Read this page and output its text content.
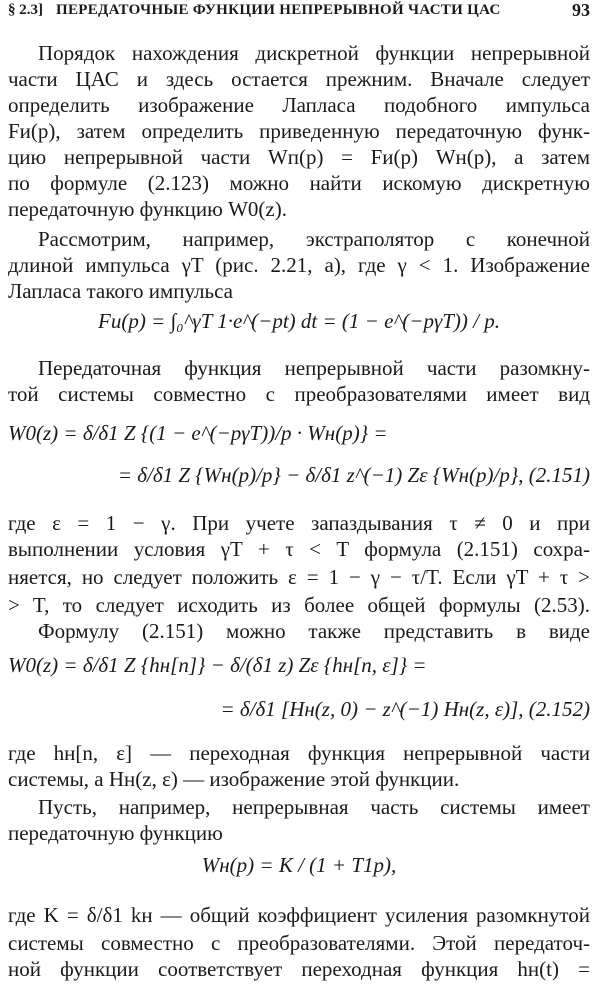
§ 2.3] ПЕРЕДАТОЧНЫЕ ФУНКЦИИ НЕПРЕРЫВНОЙ ЧАСТИ ЦАС	93
Порядок нахождения дискретной функции непрерывной
части ЦАС и здесь остается прежним. Вначале следует
определить изображение Лапласа подобного импульса
Fи(p), затем определить приведенную передаточную функ-
цию непрерывной части Wп(p) = Fи(p) Wн(p), а затем
по формуле (2.123) можно найти искомую дискретную
передаточную функцию W0(z).
Рассмотрим, например, экстраполятор с конечной
длиной импульса γT (рис. 2.21, а), где γ < 1. Изображение
Лапласа такого импульса
Fи(p) = ∫₀^γT 1·e^(−pt) dt = (1 − e^(−pγT)) / p.
Передаточная функция непрерывной части разомкну-
той системы совместно с преобразователями имеет вид
W0(z) = δ/δ1 Z {(1 − e^(−pγT))/p · Wн(p)} =
= δ/δ1 Z {Wн(p)/p} − δ/δ1 z^(−1) Zε {Wн(p)/p}, (2.151)
где ε = 1 − γ. При учете запаздывания τ ≠ 0 и при
выполнении условия γT + τ < T формула (2.151) сохра-
няется, но следует положить ε = 1 − γ − τ/T. Если γT + τ >
> T, то следует исходить из более общей формулы (2.53).
Формулу (2.151) можно также представить в виде
W0(z) = δ/δ1 Z {hн[n]} − δ/(δ1 z) Zε {hн[n, ε]} =
= δ/δ1 [Hн(z, 0) − z^(−1) Hн(z, ε)], (2.152)
где hн[n, ε] — переходная функция непрерывной части
системы, а Hн(z, ε) — изображение этой функции.
Пусть, например, непрерывная часть системы имеет
передаточную функцию
Wн(p) = K / (1 + T1p),
где K = δ/δ1 kн — общий коэффициент усиления разомкнутой
системы совместно с преобразователями. Этой передаточ-
ной функции соответствует переходная функция hн(t) =
